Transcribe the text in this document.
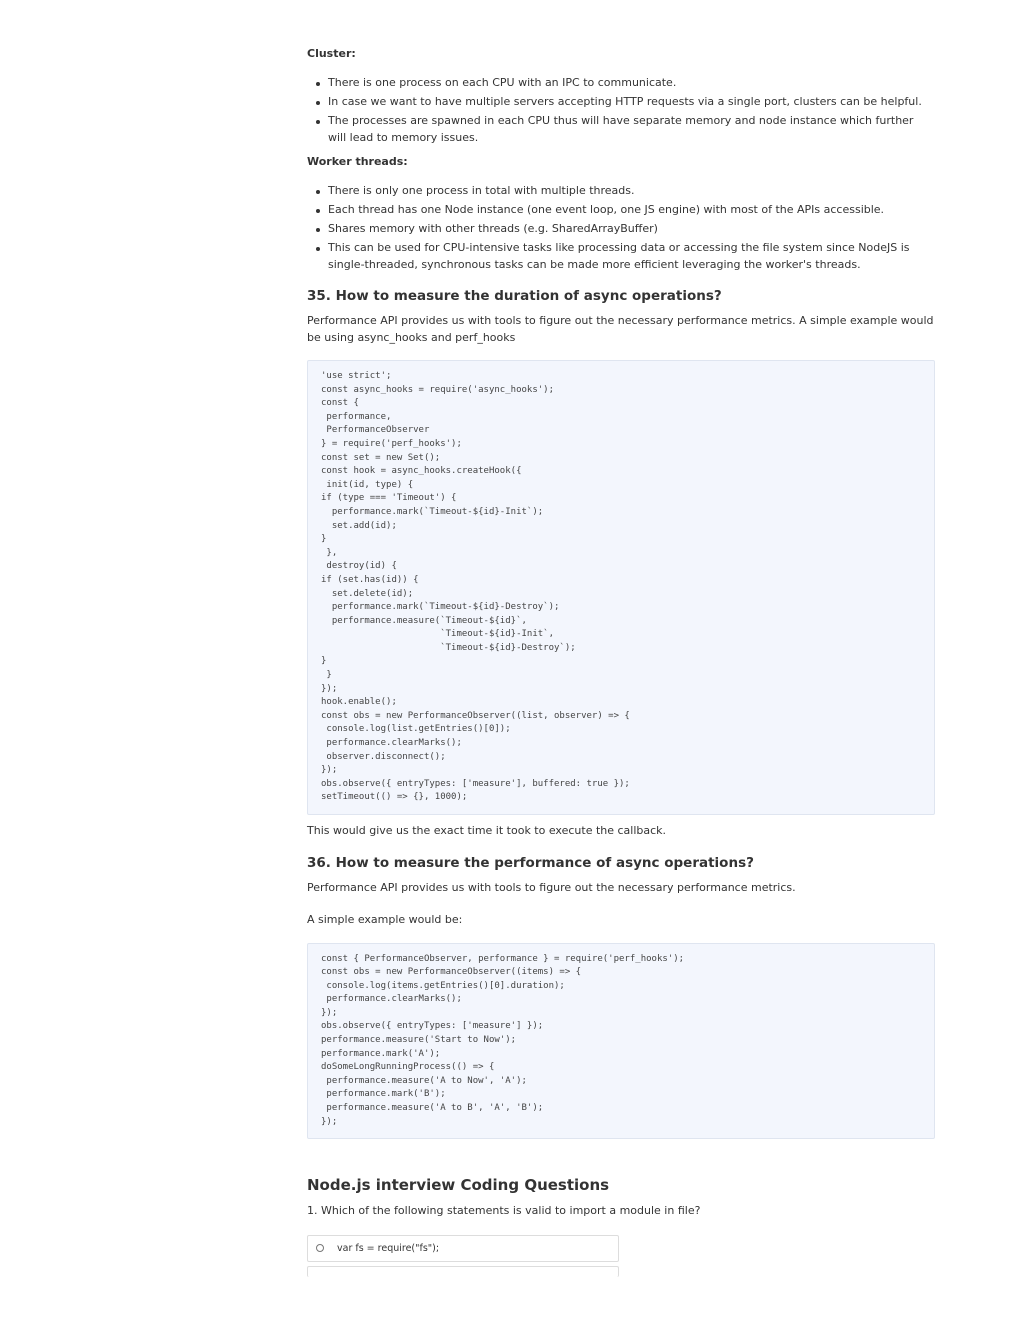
Cluster:
There is one process on each CPU with an IPC to communicate.
In case we want to have multiple servers accepting HTTP requests via a single port, clusters can be helpful.
The processes are spawned in each CPU thus will have separate memory and node instance which further will lead to memory issues.
Worker threads:
There is only one process in total with multiple threads.
Each thread has one Node instance (one event loop, one JS engine) with most of the APIs accessible.
Shares memory with other threads (e.g. SharedArrayBuffer)
This can be used for CPU-intensive tasks like processing data or accessing the file system since NodeJS is single-threaded, synchronous tasks can be made more efficient leveraging the worker's threads.
35. How to measure the duration of async operations?

Performance API provides us with tools to figure out the necessary performance metrics. A simple example would be using async_hooks and perf_hooks

'use strict';
const async_hooks = require('async_hooks');
const {
performance,
PerformanceObserver
} = require('perf_hooks');
const set = new Set();
const hook = async_hooks.createHook({
init(id, type) {
if (type === 'Timeout') {
performance.mark(`Timeout-${id}-Init`);
set.add(id);
}
},
destroy(id) {
if (set.has(id)) {
set.delete(id);
performance.mark(`Timeout-${id}-Destroy`);
performance.measure(`Timeout-${id}`,
`Timeout-${id}-Init`,
`Timeout-${id}-Destroy`);
}
}
});
hook.enable();
const obs = new PerformanceObserver((list, observer) => {
console.log(list.getEntries()[0]);
performance.clearMarks();
observer.disconnect();
});
obs.observe({ entryTypes: ['measure'], buffered: true });
setTimeout(() => {}, 1000);

This would give us the exact time it took to execute the callback.

36. How to measure the performance of async operations?

Performance API provides us with tools to figure out the necessary performance metrics.

A simple example would be:

const { PerformanceObserver, performance } = require('perf_hooks');
const obs = new PerformanceObserver((items) => {
console.log(items.getEntries()[0].duration);
performance.clearMarks();
});
obs.observe({ entryTypes: ['measure'] });
performance.measure('Start to Now');
performance.mark('A');
doSomeLongRunningProcess(() => {
performance.measure('A to Now', 'A');
performance.mark('B');
performance.measure('A to B', 'A', 'B');
});
Node.js interview Coding Questions

1. Which of the following statements is valid to import a module in file?

var fs = require("fs");
